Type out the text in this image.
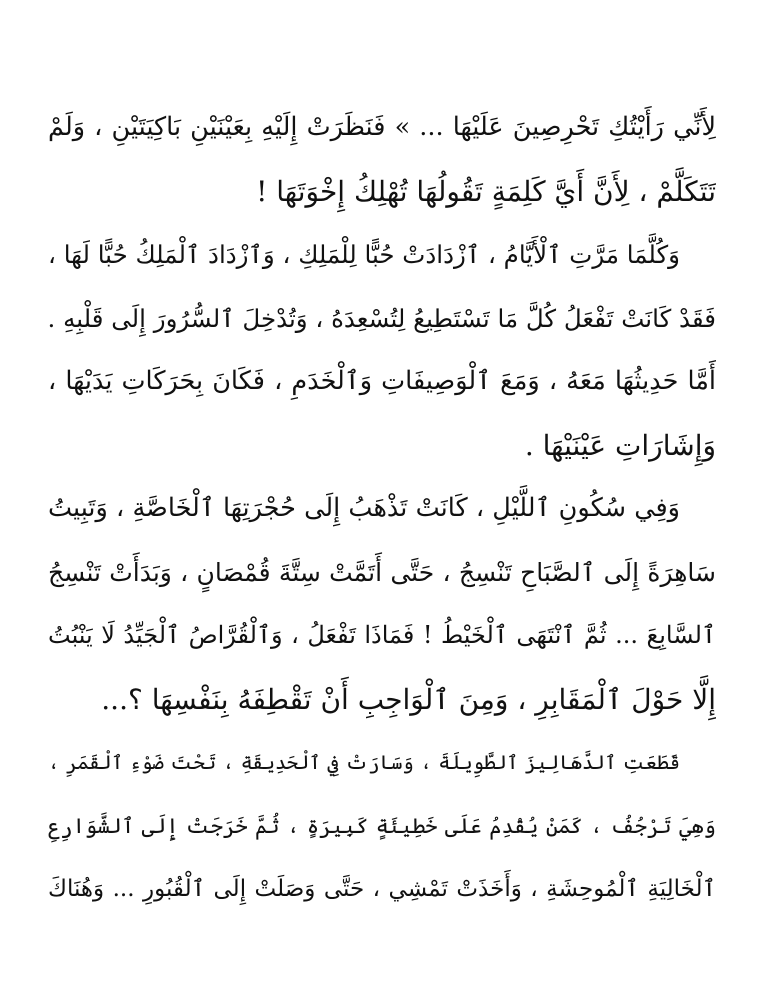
لِأَنِّي رَأَيْتُكِ تَحْرِصِينَ عَلَيْهَا ... » فَنَظَرَتْ إِلَيْهِ بِعَيْنَيْنِ بَاكِيَتَيْنِ ، وَلَمْ
تَتَكَلَّمْ ، لِأَنَّ أَيَّ كَلِمَةٍ تَقُولُهَا تُهْلِكُ إِخْوَتَهَا !
وَكُلَّمَا مَرَّتِ ٱلْأَيَّامُ ، ٱزْدَادَتْ حُبًّا لِلْمَلِكِ ، وَٱزْدَادَ ٱلْمَلِكُ حُبًّا لَهَا ،
فَقَدْ كَانَتْ تَفْعَلُ كُلَّ مَا تَسْتَطِيعُ لِتُسْعِدَهُ ، وَتُدْخِلَ ٱلسُّرُورَ إِلَى قَلْبِهِ .
أَمَّا حَدِيثُهَا مَعَهُ ، وَمَعَ ٱلْوَصِيفَاتِ وَٱلْخَدَمِ ، فَكَانَ بِحَرَكَاتِ يَدَيْهَا ،
وَإِشَارَاتِ عَيْنَيْهَا .
وَفِي سُكُونِ ٱللَّيْلِ ، كَانَتْ تَذْهَبُ إِلَى حُجْرَتِهَا ٱلْخَاصَّةِ ، وَتَبِيتُ
سَاهِرَةً إِلَى ٱلصَّبَاحِ تَنْسِجُ ، حَتَّى أَتَمَّتْ سِتَّةَ قُمْصَانٍ ، وَبَدَأَتْ تَنْسِجُ
ٱلسَّابِعَ ... ثُمَّ ٱنْتَهَى ٱلْخَيْطُ ! فَمَاذَا تَفْعَلُ ، وَٱلْقُرَّاصُ ٱلْجَيِّدُ لَا يَنْبُتُ
إِلَّا حَوْلَ ٱلْمَقَابِرِ ، وَمِنَ ٱلْوَاجِبِ أَنْ تَقْطِفَهُ بِنَفْسِهَا ؟...
قَطَعَتِ ٱلدَّهَالِيزَ ٱلطَّوِيلَةَ ، وَسَارَتْ فِي ٱلْحَدِيقَةِ ، تَحْتَ ضَوْءِ ٱلْقَمَرِ ،
وَهِيَ تَرْجُفُ ، كَمَنْ يُقْدِمُ عَلَى خَطِيئَةٍ كَبِيرَةٍ ، ثُمَّ خَرَجَتْ إِلَى ٱلشَّوَارِعِ
ٱلْخَالِيَةِ ٱلْمُوحِشَةِ ، وَأَخَذَتْ تَمْشِي ، حَتَّى وَصَلَتْ إِلَى ٱلْقُبُورِ ... وَهُنَاكَ
